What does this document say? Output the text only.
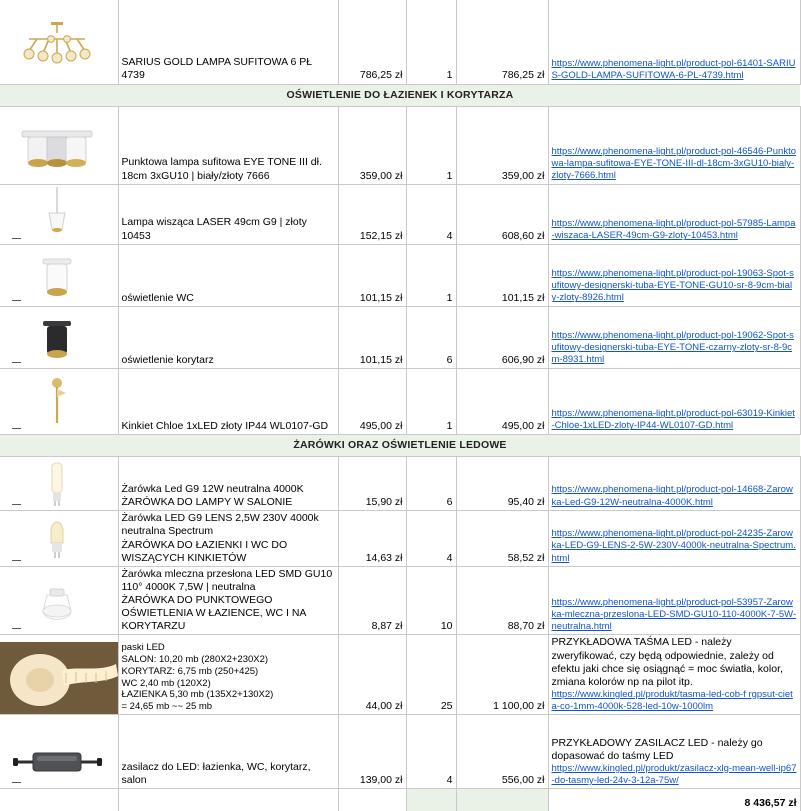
	SARIUS GOLD LAMPA SUFITOWA 6 PŁ 4739	786,25 zł	1	786,25 zł	https://www.phenomena-light.pl/product-pol-61401-SARIUS-GOLD-LAMPA-SUFITOWA-6-PL-4739.html

OŚWIETLENIE DO ŁAZIENEK I KORYTARZA					

Punktowa lampa sufitowa EYE TONE III dł. 18cm 3xGU10 | biały/złoty 7666	359,00 zł	1	359,00 zł	https://www.phenomena-light.pl/product-pol-46546-Punktowa-lampa-sufitowa-EYE-TONE-III-dl-18cm-3xGU10-bialy-zloty-7666.html

	Lampa wisząca LASER 49cm G9 | złoty 10453	152,15 zł	4	608,60 zł	https://www.phenomena-light.pl/product-pol-57985-Lampa-wiszaca-LASER-49cm-G9-zloty-10453.html

	oświetlenie WC	101,15 zł	1	101,15 zł	https://www.phenomena-light.pl/product-pol-19063-Spot-sufitowy-designerski-tuba-EYE-TONE-GU10-sr-8-9cm-bialy-zloty-8926.html

	oświetlenie korytarz	101,15 zł	6	606,90 zł	https://www.phenomena-light.pl/product-pol-19062-Spot-sufitowy-designerski-tuba-EYE-TONE-czarny-zloty-sr-8-9cm-8931.html

	Kinkiet Chloe 1xLED złoty IP44 WL0107-GD	495,00 zł	1	495,00 zł	https://www.phenomena-light.pl/product-pol-63019-Kinkiet-Chloe-1xLED-zloty-IP44-WL0107-GD.html

ŻARÓWKI ORAZ OŚWIETLENIE LEDOWE					

Żarówka Led G9 12W neutralna 4000K
ŻARÓWKA DO LAMPY W SALONIE	15,90 zł	6	95,40 zł	https://www.phenomena-light.pl/product-pol-14668-Zarowka-Led-G9-12W-neutralna-4000K.html

Żarówka LED G9 LENS 2,5W 230V 4000k
neutralna Spectrum
ŻARÓWKA DO ŁAZIENKI I WC DO
WISZĄCYCH KINKIETÓW	14,63 zł	4	58,52 zł	https://www.phenomena-light.pl/product-pol-24235-Zarowka-LED-G9-LENS-2-5W-230V-4000k-neutralna-Spectrum.html

Żarówka mleczna przesłona LED SMD GU10
110° 4000K 7,5W | neutralna
ŻARÓWKA DO PUNKTOWEGO
OŚWIETLENIA W ŁAZIENCE, WC I NA
KORYTARZU	8,87 zł	10	88,70 zł	https://www.phenomena-light.pl/product-pol-53957-Zarowka-mleczna-przeslona-LED-SMD-GU10-110-4000K-7-5W-neutralna.html

paski LED
SALON: 10,20 mb (280X2+230X2)
KORYTARZ: 6,75 mb (250+425)
WC 2,40 mb (120X2)
ŁAZIENKA 5,30 mb (135X2+130X2)
= 24,65 mb ~~ 25 mb	44,00 zł	25	1 100,00 zł	PRZYKŁADOWA TAŚMA LED - należy zweryfikować, czy będą odpowiednie, zależy od efektu jaki chce się osiągnąć = moc światła, kolor, zmiana kolorów np na pilot itp.
https://www.kingled.pl/produkt/tasma-led-cob-f rgpsut-cieta-co-1mm-4000k-528-led-10w-1000lm

	zasilacz do LED: łazienka, WC, korytarz, salon	139,00 zł	4	556,00 zł	PRZYKŁADOWY ZASILACZ LED - należy go dopasować do taśmy LED
https://www.kingled.pl/produkt/zasilacz-xlg-mean-well-ip67-do-tasmy-led-24v-3-12a-75w/

					8 436,57 zł
